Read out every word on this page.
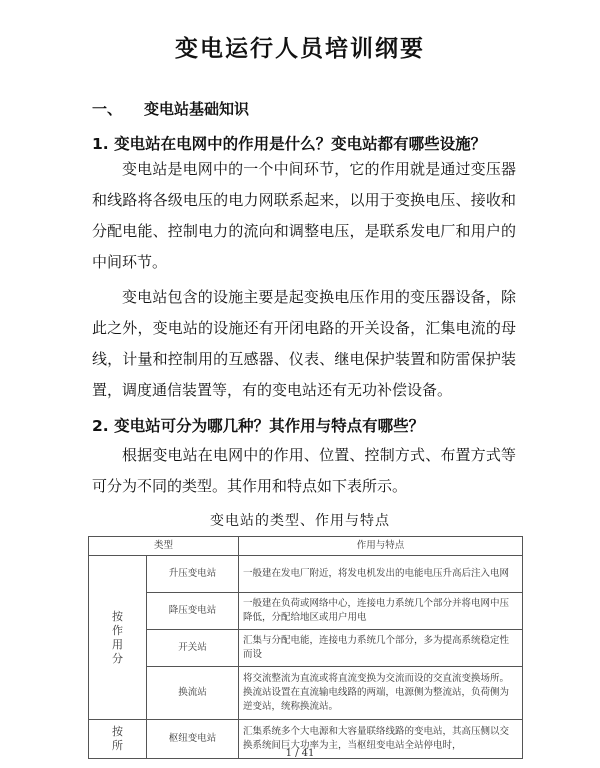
变电运行人员培训纲要
一、 变电站基础知识
1. 变电站在电网中的作用是什么？变电站都有哪些设施？
变电站是电网中的一个中间环节，它的作用就是通过变压器和线路将各级电压的电力网联系起来，以用于变换电压、接收和分配电能、控制电力的流向和调整电压，是联系发电厂和用户的中间环节。
变电站包含的设施主要是起变换电压作用的变压器设备，除此之外，变电站的设施还有开闭电路的开关设备，汇集电流的母线，计量和控制用的互感器、仪表、继电保护装置和防雷保护装置，调度通信装置等，有的变电站还有无功补偿设备。
2. 变电站可分为哪几种？其作用与特点有哪些？
根据变电站在电网中的作用、位置、控制方式、布置方式等可分为不同的类型。其作用和特点如下表所示。
变电站的类型、作用与特点
类型		作用与特点

按
作
用
分	升压变电站	一般建在发电厂附近，将发电机发出的电能电压升高后注入电网
	降压变电站	一般建在负荷或网络中心，连接电力系统几个部分并将电网中压降低，分配给地区或用户用电
	开关站	汇集与分配电能，连接电力系统几个部分，多为提高系统稳定性而设
	换流站	将交流整流为直流或将直流变换为交流而设的交直流变换场所。换流站设置在直流输电线路的两端，电源侧为整流站，负荷侧为逆变站，统称换流站。

按
所	枢纽变电站	汇集系统多个大电源和大容量联络线路的变电站，其高压侧以交换系统间巨大功率为主，当枢纽变电站全站停电时，
1 / 41
